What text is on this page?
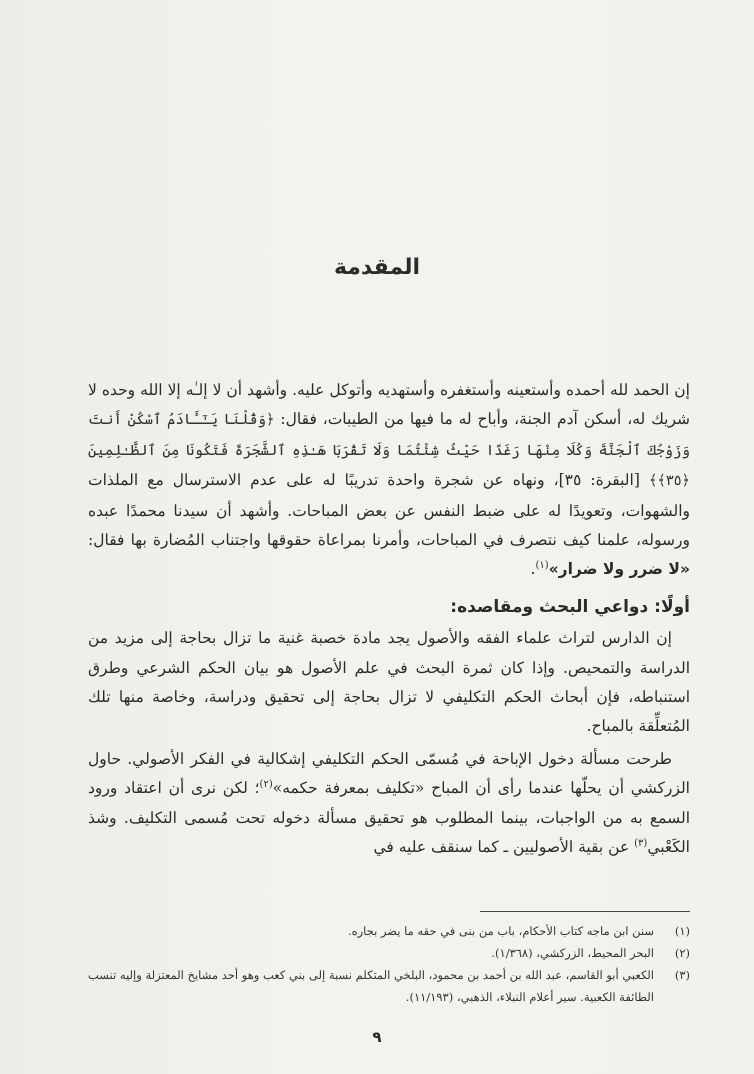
المقدمة

إن الحمد لله أحمده وأستعينه وأستغفره وأستهديه وأتوكل عليه. وأشهد أن لا إلـٰه إلا الله وحده لا شريك له، أسكن آدم الجنة، وأباح له ما فيها من الطيبات، فقال: ﴿وَقُلْنَا يَـٰٓـَٔادَمُ ٱسْكُنْ أَنتَ وَزَوْجُكَ ٱلْجَنَّةَ وَكُلَا مِنْهَا رَغَدًا حَيْثُ شِئْتُمَا وَلَا تَقْرَبَا هَـٰذِهِ ٱلشَّجَرَةَ فَتَكُونَا مِنَ ٱلظَّـٰلِمِينَ ﴿٣٥﴾﴾ [البقرة: ٣٥]، ونهاه عن شجرة واحدة تدريبًا له على عدم الاسترسال مع الملذات والشهوات، وتعويدًا له على ضبط النفس عن بعض المباحات. وأشهد أن سيدنا محمدًا عبده ورسوله، علمنا كيف نتصرف في المباحات، وأمرنا بمراعاة حقوقها واجتناب المُضارة بها فقال: «لا ضرر ولا ضرار»$^{(١)}$.

أولًا: دواعي البحث ومقاصده:

إن الدارس لتراث علماء الفقه والأصول يجد مادة خصبة غنية ما تزال بحاجة إلى مزيد من الدراسة والتمحيص. وإذا كان ثمرة البحث في علم الأصول هو بيان الحكم الشرعي وطرق استنباطه، فإن أبحاث الحكم التكليفي لا تزال بحاجة إلى تحقيق ودراسة، وخاصة منها تلك المُتعلِّقة بالمباح.

طرحت مسألة دخول الإباحة في مُسمّى الحكم التكليفي إشكالية في الفكر الأصولي. حاول الزركشي أن يحلّها عندما رأى أن المباح «تكليف بمعرفة حكمه»$^{(٢)}$؛ لكن نرى أن اعتقاد ورود السمع به من الواجبات، بينما المطلوب هو تحقيق مسألة دخوله تحت مُسمى التكليف. وشذ الكَعْبي$^{(٣)}$ عن بقية الأصوليين ـ كما سنقف عليه في

(١)
سنن ابن ماجه كتاب الأحكام، باب من بنى في حقه ما يضر بجاره.
(٢)
البحر المحيط، الزركشي، (١/٣٦٨).
(٣)
الكعبي أبو القاسم، عبد الله بن أحمد بن محمود، البلخي المتكلم نسبة إلى بني كعب وهو أحد مشايخ المعتزلة وإليه تنسب الطائفة الكعبية. سير أعلام النبلاء، الذهبي، (١١/١٩٣).
٩
